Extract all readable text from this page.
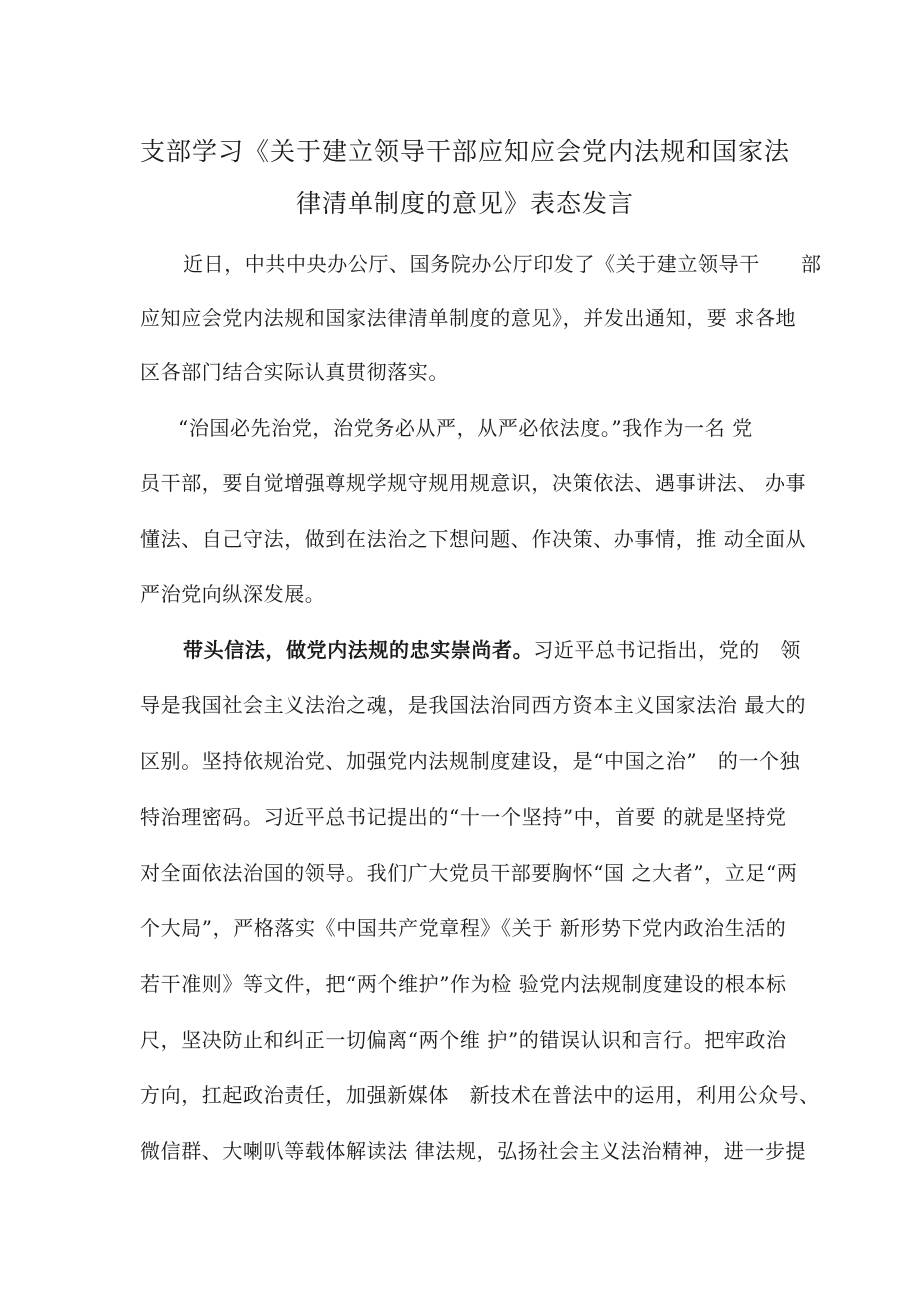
支部学习《关于建立领导干部应知应会党内法规和国家法
律清单制度的意见》表态发言
近日，中共中央办公厅、国务院办公厅印发了《关于建立领导干　　部
应知应会党内法规和国家法律清单制度的意见》，并发出通知，要 求各地
区各部门结合实际认真贯彻落实。
“治国必先治党，治党务必从严，从严必依法度。”我作为一名 党
员干部，要自觉增强尊规学规守规用规意识，决策依法、遇事讲法、 办事
懂法、自己守法，做到在法治之下想问题、作决策、办事情，推 动全面从
严治党向纵深发展。
带头信法，做党内法规的忠实崇尚者。习近平总书记指出，党的　领
导是我国社会主义法治之魂，是我国法治同西方资本主义国家法治 最大的
区别。坚持依规治党、加强党内法规制度建设，是“中国之治”　的一个独
特治理密码。习近平总书记提出的“十一个坚持”中，首要 的就是坚持党
对全面依法治国的领导。我们广大党员干部要胸怀“国 之大者”，立足“两
个大局”，严格落实《中国共产党章程》《关于 新形势下党内政治生活的
若干准则》等文件，把“两个维护”作为检 验党内法规制度建设的根本标
尺，坚决防止和纠正一切偏离“两个维 护”的错误认识和言行。把牢政治
方向，扛起政治责任，加强新媒体　新技术在普法中的运用，利用公众号、
微信群、大喇叭等载体解读法 律法规，弘扬社会主义法治精神，进一步提
